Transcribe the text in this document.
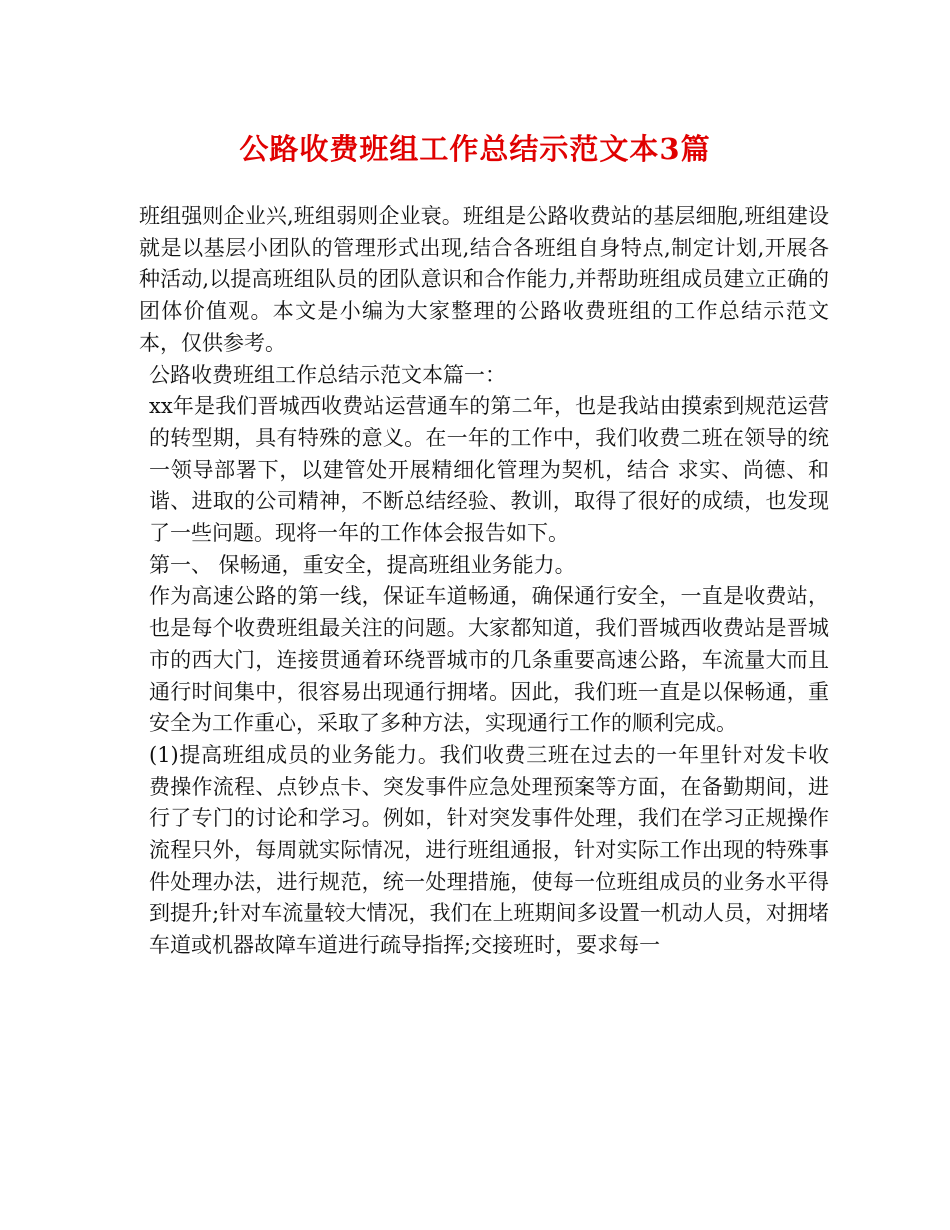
公路收费班组工作总结示范文本3篇

班组强则企业兴,班组弱则企业衰。班组是公路收费站的基层细胞,班组建设就是以基层小团队的管理形式出现,结合各班组自身特点,制定计划,开展各种活动,以提高班组队员的团队意识和合作能力,并帮助班组成员建立正确的团体价值观。本文是小编为大家整理的公路收费班组的工作总结示范文本，仅供参考。

公路收费班组工作总结示范文本篇一：

xx年是我们晋城西收费站运营通车的第二年，也是我站由摸索到规范运营的转型期，具有特殊的意义。在一年的工作中，我们收费二班在领导的统一领导部署下，以建管处开展精细化管理为契机，结合 求实、尚德、和谐、进取的公司精神，不断总结经验、教训，取得了很好的成绩，也发现了一些问题。现将一年的工作体会报告如下。

第一、 保畅通，重安全，提高班组业务能力。

作为高速公路的第一线，保证车道畅通，确保通行安全，一直是收费站，也是每个收费班组最关注的问题。大家都知道，我们晋城西收费站是晋城市的西大门，连接贯通着环绕晋城市的几条重要高速公路，车流量大而且通行时间集中，很容易出现通行拥堵。因此，我们班一直是以保畅通，重安全为工作重心，采取了多种方法，实现通行工作的顺利完成。

(1)提高班组成员的业务能力。我们收费三班在过去的一年里针对发卡收费操作流程、点钞点卡、突发事件应急处理预案等方面，在备勤期间，进行了专门的讨论和学习。例如，针对突发事件处理，我们在学习正规操作流程只外，每周就实际情况，进行班组通报，针对实际工作出现的特殊事件处理办法，进行规范，统一处理措施，使每一位班组成员的业务水平得到提升;针对车流量较大情况，我们在上班期间多设置一机动人员，对拥堵车道或机器故障车道进行疏导指挥;交接班时，要求每一
